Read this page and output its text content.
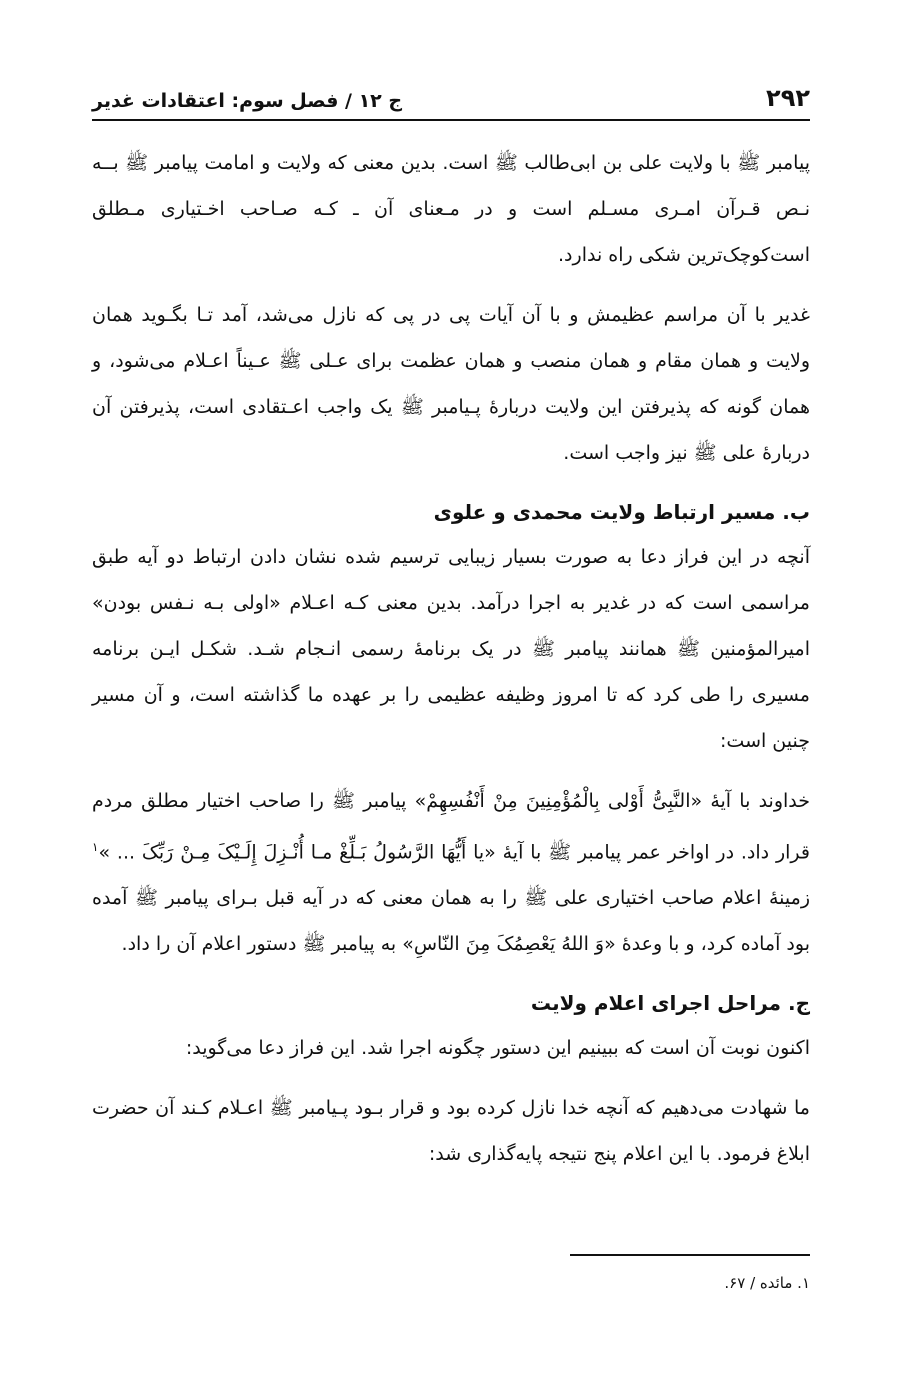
۲۹۲
ج ۱۲ / فصل سوم: اعتقادات غدیر

پیامبر ﷺ با ولایت علی بن ابی‌طالب ﷺ است. بدین معنی که ولایت و امامت پیامبر ﷺ بــه نـص قـرآن امـری مسـلم است و در مـعنای آن ـ کـه صـاحب اخـتیاری مـطلق است‌کوچک‌ترین شکی راه ندارد.

غدیر با آن مراسم عظیمش و با آن آیات پی در پی که نازل می‌شد، آمد تـا بگـوید همان ولایت و همان مقام و همان منصب و همان عظمت برای عـلی ﷺ عـیناً اعـلام می‌شود، و همان گونه که پذیرفتن این ولایت دربارۀ پـیامبر ﷺ یک واجب اعـتقادی است، پذیرفتن آن دربارۀ علی ﷺ نیز واجب است.

ب. مسیر ارتباط ولایت محمدی و علوی

آنچه در این فراز دعا به صورت بسیار زیبایی ترسیم شده نشان دادن ارتباط دو آیه طبق مراسمی است که در غدیر به اجرا درآمد. بدین معنی کـه اعـلام «اولی بـه نـفس بودن» امیرالمؤمنین ﷺ همانند پیامبر ﷺ در یک برنامۀ رسمی انـجام شـد. شکـل ایـن برنامه مسیری را طی کرد که تا امروز وظیفه عظیمی را بر عهده ما گذاشته است، و آن مسیر چنین است:

خداوند با آیۀ «النَّبِیُّ أَوْلی بِالْمُؤْمِنِینَ مِنْ أَنْفُسِهِمْ» پیامبر ﷺ را صاحب اختیار مطلق مردم قرار داد. در اواخر عمر پیامبر ﷺ با آیۀ «یا أَیُّهَا الرَّسُولُ بَـلِّغْ مـا أُنْـزِلَ إِلَـیْکَ مِـنْ رَبِّکَ ... »$^۱$ زمینۀ اعلام صاحب اختیاری علی ﷺ را به همان معنی که در آیه قبل بـرای پیامبر ﷺ آمده بود آماده کرد، و با وعدۀ «وَ اللهُ یَعْصِمُکَ مِنَ النّاسِ» به پیامبر ﷺ دستور اعلام آن را داد.

ج. مراحل اجرای اعلام ولایت

اکنون نوبت آن است که ببینیم این دستور چگونه اجرا شد. این فراز دعا می‌گوید:

ما شهادت می‌دهیم که آنچه خدا نازل کرده بود و قرار بـود پـیامبر ﷺ اعـلام کـند آن حضرت ابلاغ فرمود. با این اعلام پنج نتیجه پایه‌گذاری شد:

۱. مائده / ۶۷.
